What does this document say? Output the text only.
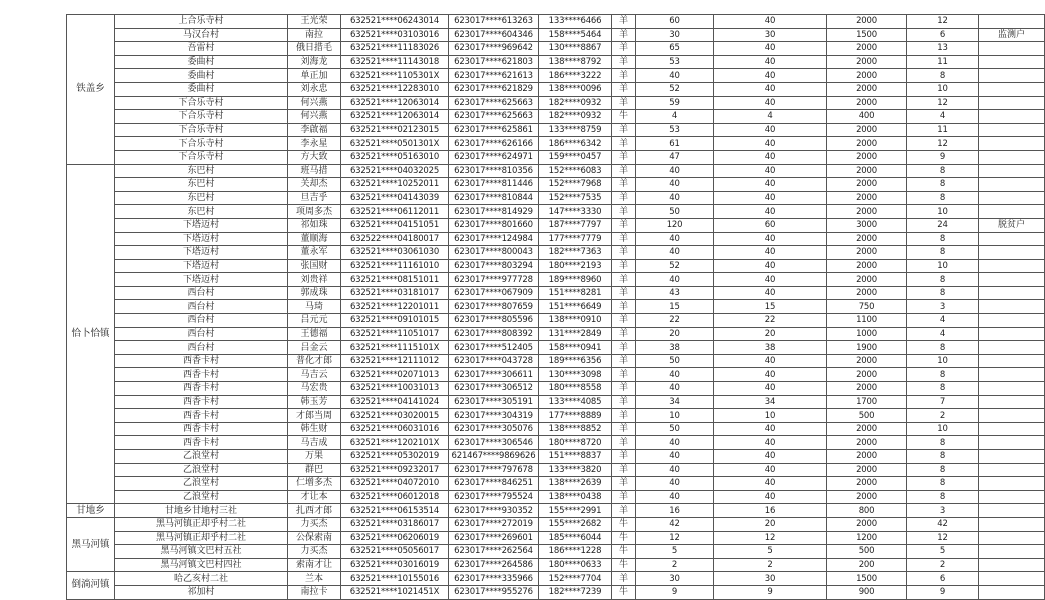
铁盖乡	上合乐寺村	王光荣	632521****06243014	623017****613263	133****6466	羊	60	40	2000	12	
	马汉台村	南拉	632521****03103016	623017****604346	158****5464	羊	30	30	1500	6	监测户
	吾雷村	俄日措毛	632521****11183026	623017****969642	130****8867	羊	65	40	2000	13	
	委曲村	刘海龙	632521****11143018	623017****621803	138****8792	羊	53	40	2000	11	
	委曲村	单正加	632521****1105301X	623017****621613	186****3222	羊	40	40	2000	8	
	委曲村	刘永忠	632521****12283010	623017****621829	138****0096	羊	52	40	2000	10	
	下合乐寺村	何兴燕	632521****12063014	623017****625663	182****0932	羊	59	40	2000	12	
	下合乐寺村	何兴燕	632521****12063014	623017****625663	182****0932	牛	4	4	400	4	
	下合乐寺村	李啟福	632521****02123015	623017****625861	133****8759	羊	53	40	2000	11	
	下合乐寺村	李永星	632521****0501301X	623017****626166	186****6342	羊	61	40	2000	12	
	下合乐寺村	方大致	632521****05163010	623017****624971	159****0457	羊	47	40	2000	9	
恰卜恰镇	东巴村	班马措	632521****04032025	623017****810356	152****6083	羊	40	40	2000	8	
	东巴村	关却杰	632521****10252011	623017****811446	152****7968	羊	40	40	2000	8	
	东巴村	旦吉乎	632521****04143039	623017****810844	152****7535	羊	40	40	2000	8	
	东巴村	项周多杰	632521****06112011	623017****814929	147****3330	羊	50	40	2000	10	
	下塔迈村	祁如珠	632521****04151051	623017****801660	187****7797	羊	120	60	3000	24	脱贫户
	下塔迈村	董顺海	632522****04180017	623017****124984	177****7779	羊	40	40	2000	8	
	下塔迈村	董永军	632521****03061030	623017****800043	182****7363	羊	40	40	2000	8	
	下塔迈村	张国财	632521****11161010	623017****803294	180****2193	羊	52	40	2000	10	
	下塔迈村	刘贵祥	632521****08151011	623017****977728	189****8960	羊	40	40	2000	8	
	西台村	郭成珠	632521****03181017	623017****067909	151****8281	羊	43	40	2000	8	
	西台村	马琦	632521****12201011	623017****807659	151****6649	羊	15	15	750	3	
	西台村	吕元元	632521****09101015	623017****805596	138****0910	羊	22	22	1100	4	
	西台村	王德福	632521****11051017	623017****808392	131****2849	羊	20	20	1000	4	
	西台村	吕金云	632521****1115101X	623017****512405	158****0941	羊	38	38	1900	8	
	西香卡村	普化才郎	632521****12111012	623017****043728	189****6356	羊	50	40	2000	10	
	西香卡村	马吉云	632521****02071013	623017****306611	130****3098	羊	40	40	2000	8	
	西香卡村	马宏贵	632521****10031013	623017****306512	180****8558	羊	40	40	2000	8	
	西香卡村	韩玉芳	632521****04141024	623017****305191	133****4085	羊	34	34	1700	7	
	西香卡村	才郎当周	632521****03020015	623017****304319	177****8889	羊	10	10	500	2	
	西香卡村	韩生财	632521****06031016	623017****305076	138****8852	羊	50	40	2000	10	
	西香卡村	马吉成	632521****1202101X	623017****306546	180****8720	羊	40	40	2000	8	
	乙浪堂村	万果	632521****05302019	621467****9869626	151****8837	羊	40	40	2000	8	
	乙浪堂村	群巴	632521****09232017	623017****797678	133****3820	羊	40	40	2000	8	
	乙浪堂村	仁增多杰	632521****04072010	623017****846251	138****2639	羊	40	40	2000	8	
	乙浪堂村	才让本	632521****06012018	623017****795524	138****0438	羊	40	40	2000	8	
甘地乡	甘地乡甘地村三社	扎西才郎	632521****06153514	623017****930352	155****2991	羊	16	16	800	3	
黑马河镇	黑马河镇正却乎村二社	力买杰	632521****03186017	623017****272019	155****2682	牛	42	20	2000	42	
	黑马河镇正却乎村二社	公保索南	632521****06206019	623017****269601	185****6044	牛	12	12	1200	12	
	黑马河镇文巴村五社	力买杰	632521****05056017	623017****262564	186****1228	牛	5	5	500	5	
	黑马河镇文巴村四社	索南才让	632521****03016019	623017****264586	180****0633	牛	2	2	200	2	
倒淌河镇	哈乙亥村二社	兰本	632521****10155016	623017****335966	152****7704	羊	30	30	1500	6	
	祁加村	南拉卡	632521****1021451X	623017****955276	182****7239	牛	9	9	900	9	
